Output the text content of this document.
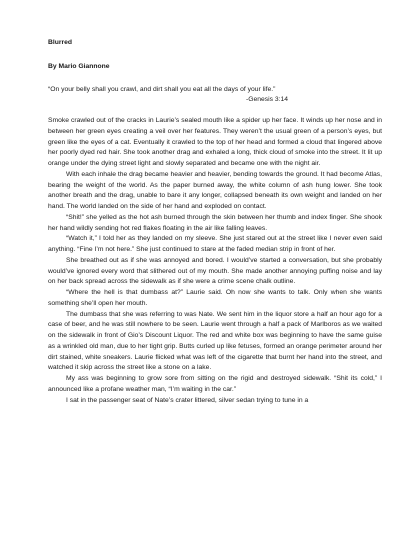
Blurred

By Mario Giannone

“On your belly shall you crawl, and dirt shall you eat all the days of your life.”

-Genesis 3:14

Smoke crawled out of the cracks in Laurie’s sealed mouth like a spider up her face. It winds up her nose and in between her green eyes creating a veil over her features. They weren’t the usual green of a person’s eyes, but green like the eyes of a cat. Eventually it crawled to the top of her head and formed a cloud that lingered above her poorly dyed red hair. She took another drag and exhaled a long, thick cloud of smoke into the street. It lit up orange under the dying street light and slowly separated and became one with the night air.

With each inhale the drag became heavier and heavier, bending towards the ground. It had become Atlas, bearing the weight of the world. As the paper burned away, the white column of ash hung lower. She took another breath and the drag, unable to bare it any longer, collapsed beneath its own weight and landed on her hand. The world landed on the side of her hand and exploded on contact.

“Shit!” she yelled as the hot ash burned through the skin between her thumb and index finger. She shook her hand wildly sending hot red flakes floating in the air like falling leaves.

“Watch it,” I told her as they landed on my sleeve. She just stared out at the street like I never even said anything. “Fine I’m not here.” She just continued to stare at the faded median strip in front of her.

She breathed out as if she was annoyed and bored. I would’ve started a conversation, but she probably would’ve ignored every word that slithered out of my mouth. She made another annoying puffing noise and lay on her back spread across the sidewalk as if she were a crime scene chalk outline.

“Where the hell is that dumbass at?” Laurie said. Oh now she wants to talk. Only when she wants something she’ll open her mouth.

The dumbass that she was referring to was Nate. We sent him in the liquor store a half an hour ago for a case of beer, and he was still nowhere to be seen. Laurie went through a half a pack of Marlboros as we waited on the sidewalk in front of Gio’s Discount Liquor. The red and white box was beginning to have the same guise as a wrinkled old man, due to her tight grip. Butts curled up like fetuses, formed an orange perimeter around her dirt stained, white sneakers. Laurie flicked what was left of the cigarette that burnt her hand into the street, and watched it skip across the street like a stone on a lake.

My ass was beginning to grow sore from sitting on the rigid and destroyed sidewalk. “Shit its cold,” I announced like a profane weather man, “I’m waiting in the car.”

I sat in the passenger seat of Nate’s crater littered, silver sedan trying to tune in a
